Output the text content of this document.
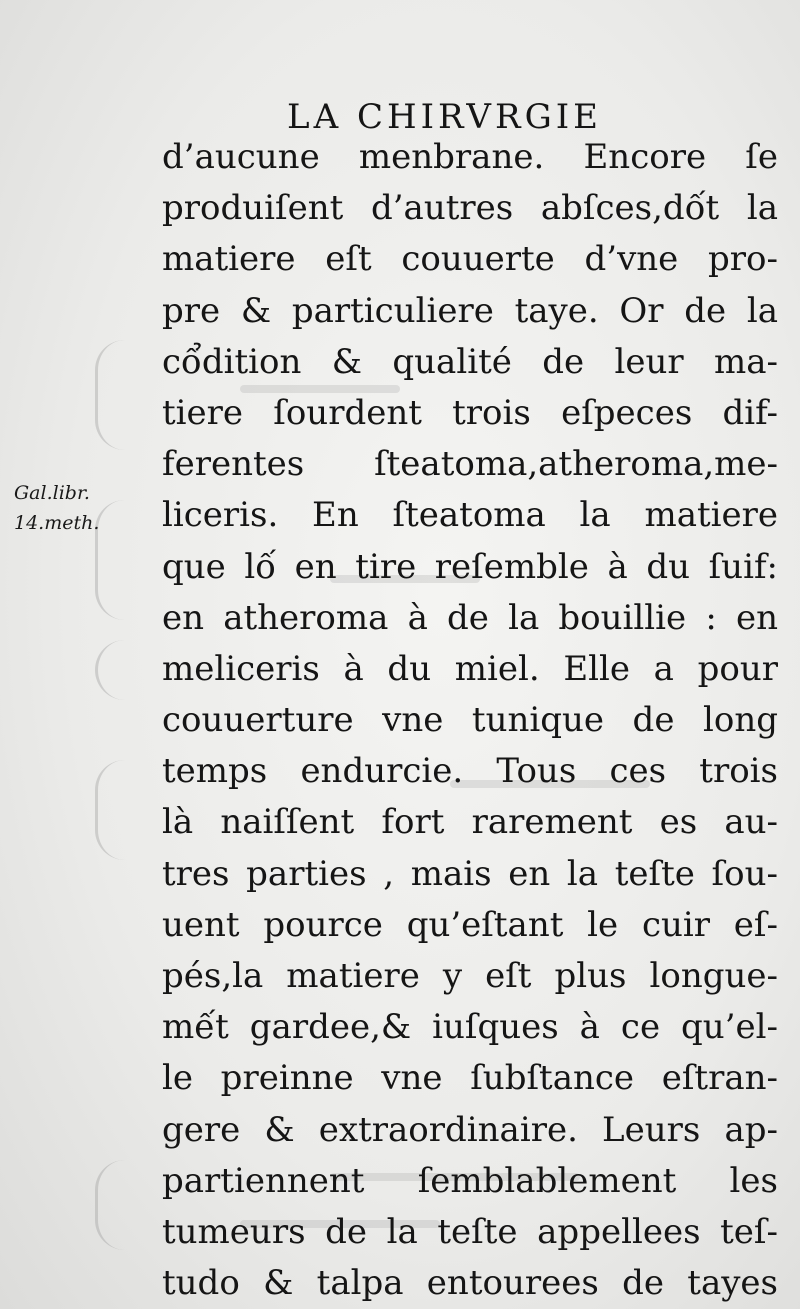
LA CHIRVRGIE
Gal.libr.
14.meth.
d’aucune menbrane. Encore ſe
produiſent d’autres abſces,dốt la
matiere eſt couuerte d’vne pro-
pre & particuliere taye. Or de la
cổdition & qualité de leur ma-
tiere ſourdent trois eſpeces dif-
ferentes ſteatoma,atheroma,me-
liceris. En ſteatoma la matiere
que lố en tire reſemble à du ſuif:
en atheroma à de la bouillie : en
meliceris à du miel. Elle a pour
couuerture vne tunique de long
temps endurcie. Tous ces trois
là naiſſent fort rarement es au-
tres parties , mais en la teſte ſou-
uent pource qu’eſtant le cuir eſ-
pés,la matiere y eſt plus longue-
mết gardee,& iuſques à ce qu’el-
le preinne vne ſubſtance eſtran-
gere & extraordinaire. Leurs ap-
partiennent ſemblablement les
tumeurs de la teſte appellees teſ-
tudo & talpa entourees de tayes
